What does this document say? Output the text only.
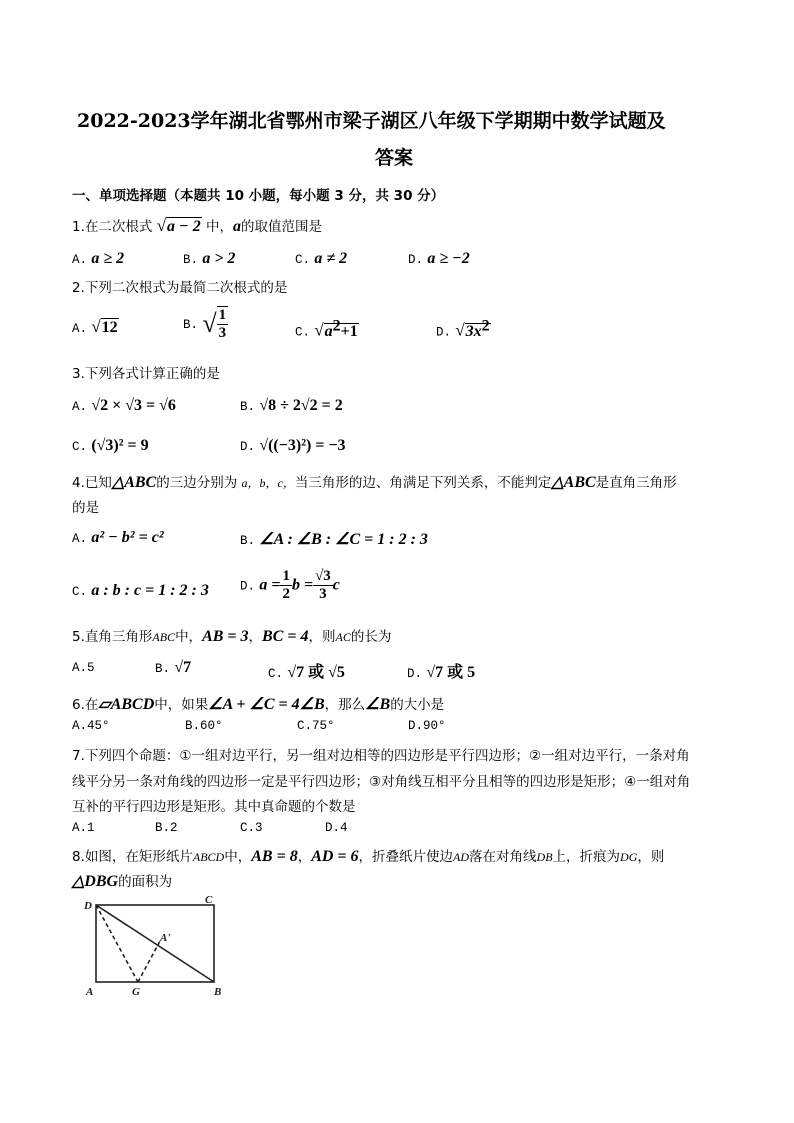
2022-2023学年湖北省鄂州市梁子湖区八年级下学期期中数学试题及
答案
一、单项选择题（本题共 10 小题，每小题 3 分，共 30 分）
1.在二次根式 √a − 2 中，a的取值范围是
A. a ≥ 2	B. a > 2	C. a ≠ 2	D. a ≥ −2
2.下列二次根式为最简二次根式的是
A. √12	B. √ $\frac{1}{3}$	C. $√a^2+1$	D. $√3x^2$
3.下列各式计算正确的是
A. √2 × √3 = √6	B. √8 ÷ 2√2 = 2
C. (√3)² = 9	D. √((−3)²) = −3
4.已知△ABC的三边分别为 a，b，c，当三角形的边、角满足下列关系，不能判定△ABC是直角三角形
的是
A. a² − b² = c²	B. ∠A : ∠B : ∠C = 1 : 2 : 3
C. a : b : c = 1 : 2 : 3 D. $a = \frac{1}{2}$ $b = \frac{√3}{3}$ c
5.直角三角形ABC中，AB = 3，BC = 4，则AC的长为
A.5	B. √7	C. √7 或 √5	D. √7 或 5
6.在▱ABCD中，如果∠A + ∠C = 4∠B，那么∠B的大小是
A.45°	B.60°	C.75°	D.90°
7.下列四个命题：①一组对边平行，另一组对边相等的四边形是平行四边形；②一组对边平行，一条对角
线平分另一条对角线的四边形一定是平行四边形；③对角线互相平分且相等的四边形是矩形；④一组对角
互补的平行四边形是矩形。其中真命题的个数是
A.1	B.2	C.3	D.4
8.如图，在矩形纸片ABCD中，AB = 8，AD = 6，折叠纸片使边AD落在对角线DB上，折痕为DG，则
△DBG的面积为
D	C
A'
A	G	B
